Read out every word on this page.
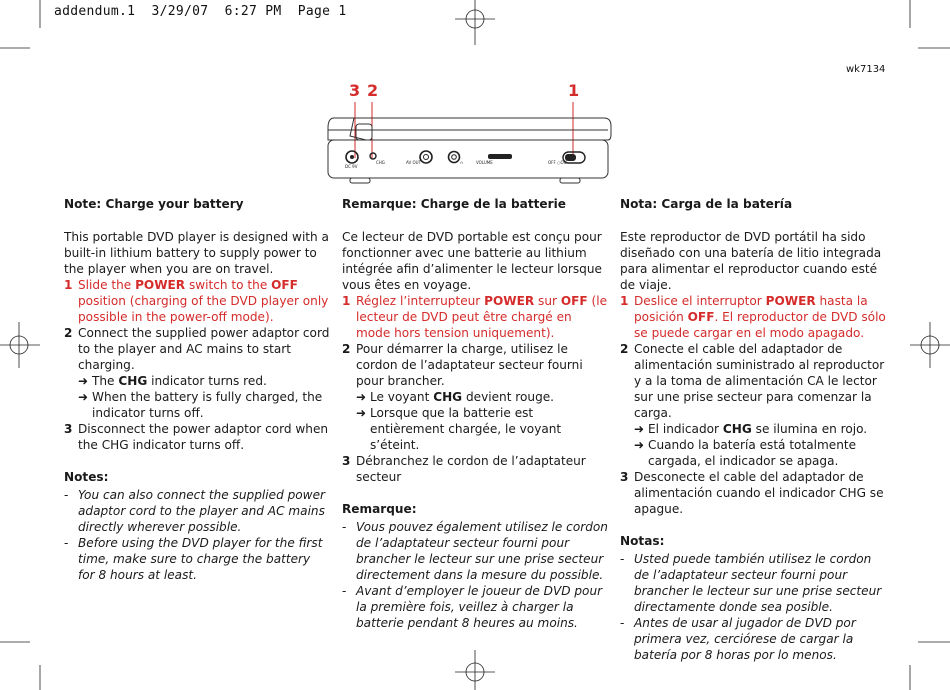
addendum.1  3/29/07  6:27 PM  Page 1
wk7134
3 2	1
DC 9V
CHG	AV OUT	∩	VOLUME	OFF ○ON
Note: Charge your battery

This portable DVD player is designed with a built-in lithium battery to supply power to the player when you are on travel.

1 Slide the POWER switch to the OFF position (charging of the DVD player only possible in the power-off mode).
2 Connect the supplied power adaptor cord to the player and AC mains to start charging.
➜ The CHG indicator turns red.
➜ When the battery is fully charged, the indicator turns off.
3 Disconnect the power adaptor cord when the CHG indicator turns off.
Notes:
- You can also connect the supplied power adaptor cord to the player and AC mains directly wherever possible.
- Before using the DVD player for the first time, make sure to charge the battery for 8 hours at least.
Remarque: Charge de la batterie

Ce lecteur de DVD portable est conçu pour fonctionner avec une batterie au lithium intégrée afin d’alimenter le lecteur lorsque vous êtes en voyage.

1 Réglez l’interrupteur POWER sur OFF (le lecteur de DVD peut être chargé en mode hors tension uniquement).
2 Pour démarrer la charge, utilisez le cordon de l’adaptateur secteur fourni pour brancher.
➜ Le voyant CHG devient rouge.
➜ Lorsque que la batterie est entièrement chargée, le voyant s’éteint.
3 Débranchez le cordon de l’adaptateur secteur
Remarque:
- Vous pouvez également utilisez le cordon de l’adaptateur secteur fourni pour brancher le lecteur sur une prise secteur directement dans la mesure du possible.
- Avant d’employer le joueur de DVD pour la première fois, veillez à charger la batterie pendant 8 heures au moins.
Nota: Carga de la batería

Este reproductor de DVD portátil ha sido diseñado con una batería de litio integrada para alimentar el reproductor cuando esté de viaje.

1 Deslice el interruptor POWER hasta la posición OFF. El reproductor de DVD sólo se puede cargar en el modo apagado.
2 Conecte el cable del adaptador de alimentación suministrado al reproductor y a la toma de alimentación CA le lector sur une prise secteur para comenzar la carga.
➜ El indicador CHG se ilumina en rojo.
➜ Cuando la batería está totalmente cargada, el indicador se apaga.
3 Desconecte el cable del adaptador de alimentación cuando el indicador CHG se apague.
Notas:
- Usted puede también utilisez le cordon de l’adaptateur secteur fourni pour brancher le lecteur sur une prise secteur directamente donde sea posible.
- Antes de usar al jugador de DVD por primera vez, cerciórese de cargar la batería por 8 horas por lo menos.
